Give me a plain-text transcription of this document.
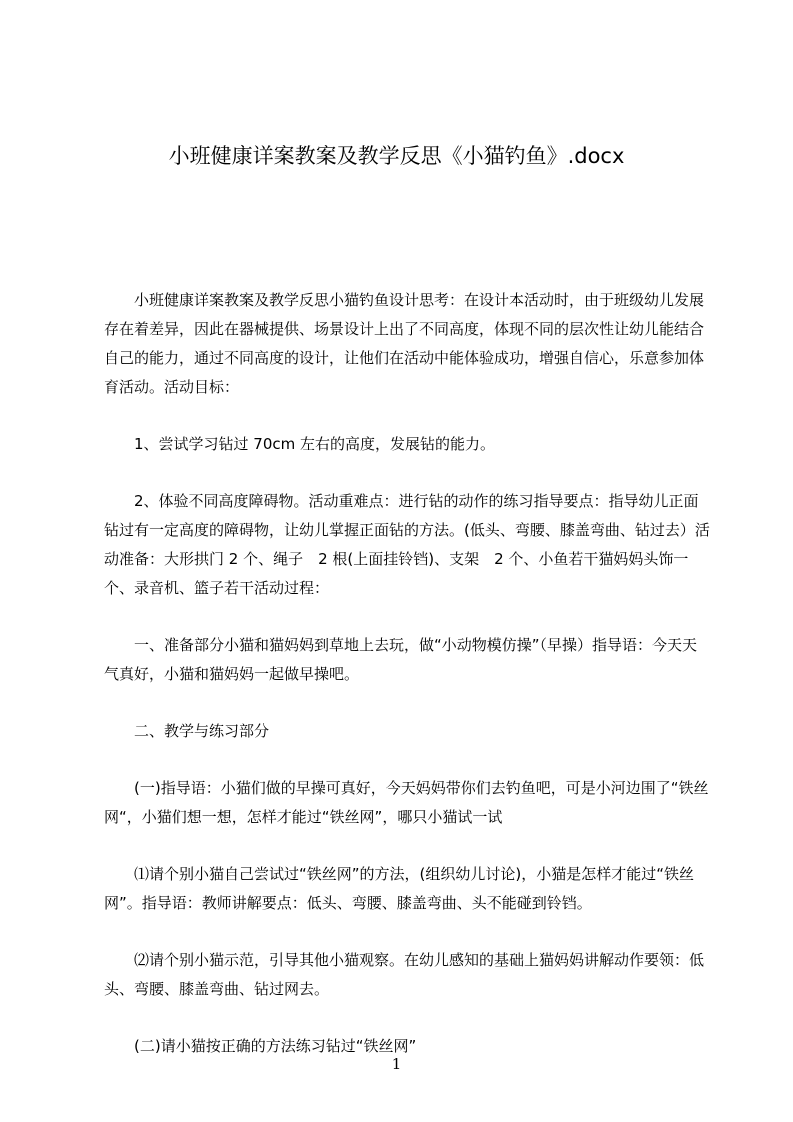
小班健康详案教案及教学反思《小猫钓鱼》.docx

小班健康详案教案及教学反思小猫钓鱼设计思考：在设计本活动时，由于班级幼儿发展存在着差异，因此在器械提供、场景设计上出了不同高度，体现不同的层次性让幼儿能结合自己的能力，通过不同高度的设计，让他们在活动中能体验成功，增强自信心，乐意参加体育活动。活动目标：

1、尝试学习钻过 70cm 左右的高度，发展钻的能力。

2、体验不同高度障碍物。活动重难点：进行钻的动作的练习指导要点：指导幼儿正面钻过有一定高度的障碍物，让幼儿掌握正面钻的方法。(低头、弯腰、膝盖弯曲、钻过去）活动准备：大形拱门 2 个、绳子　2 根(上面挂铃铛)、支架　2 个、小鱼若干猫妈妈头饰一个、录音机、篮子若干活动过程：

一、准备部分小猫和猫妈妈到草地上去玩，做“小动物模仿操”（早操）指导语：今天天气真好，小猫和猫妈妈一起做早操吧。

二、教学与练习部分

(一)指导语：小猫们做的早操可真好，今天妈妈带你们去钓鱼吧，可是小河边围了“铁丝网“，小猫们想一想，怎样才能过“铁丝网”，哪只小猫试一试

⑴请个别小猫自己尝试过“铁丝网”的方法，(组织幼儿讨论)，小猫是怎样才能过“铁丝网”。指导语：教师讲解要点：低头、弯腰、膝盖弯曲、头不能碰到铃铛。

⑵请个别小猫示范，引导其他小猫观察。在幼儿感知的基础上猫妈妈讲解动作要领：低头、弯腰、膝盖弯曲、钻过网去。

(二)请小猫按正确的方法练习钻过“铁丝网”

1
